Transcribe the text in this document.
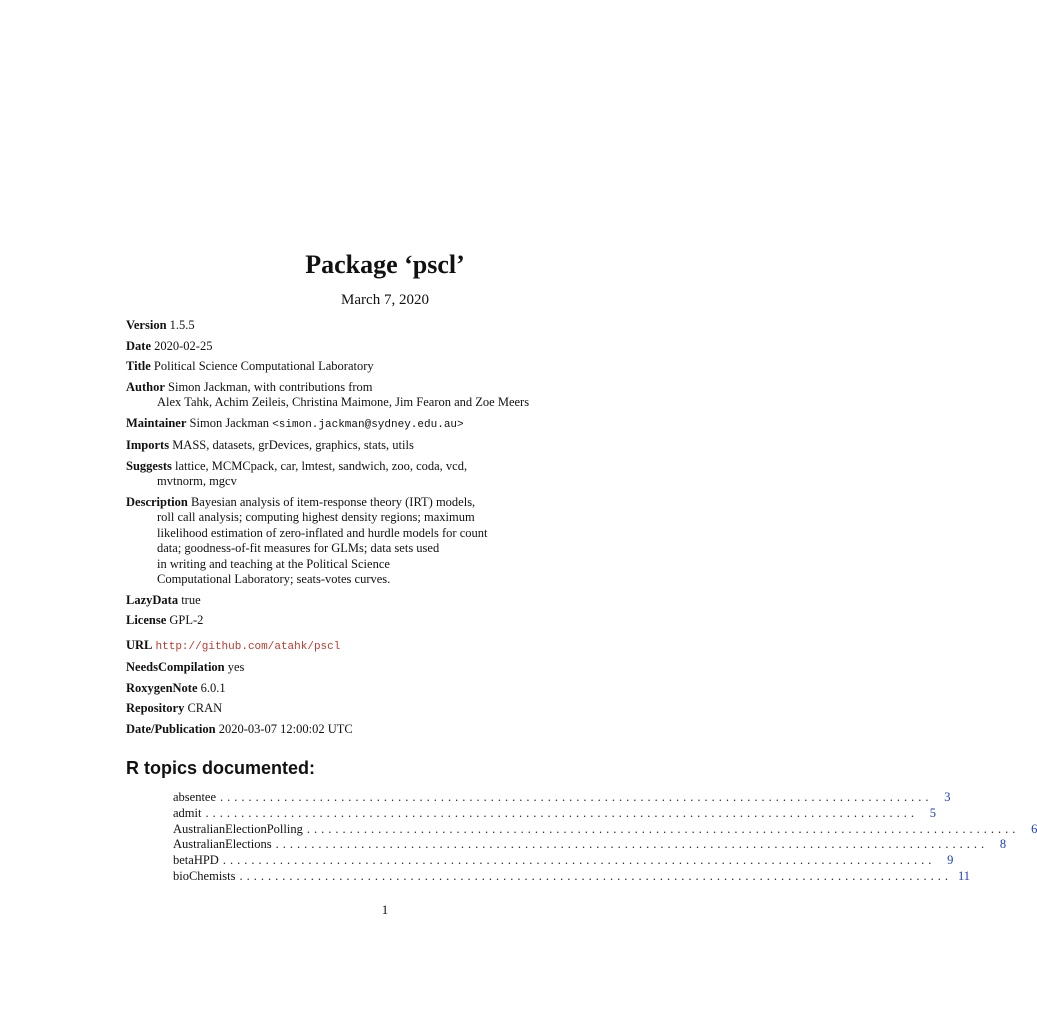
Package ‘pscl’
March 7, 2020
Version 1.5.5
Date 2020-02-25
Title Political Science Computational Laboratory
Author Simon Jackman, with contributions from
Alex Tahk, Achim Zeileis, Christina Maimone, Jim Fearon and Zoe Meers
Maintainer Simon Jackman <simon.jackman@sydney.edu.au>
Imports MASS, datasets, grDevices, graphics, stats, utils
Suggests lattice, MCMCpack, car, lmtest, sandwich, zoo, coda, vcd,
mvtnorm, mgcv
Description Bayesian analysis of item-response theory (IRT) models,
roll call analysis; computing highest density regions; maximum
likelihood estimation of zero-inflated and hurdle models for count
data; goodness-of-fit measures for GLMs; data sets used
in writing and teaching at the Political Science
Computational Laboratory; seats-votes curves.
LazyData true
License GPL-2
URL http://github.com/atahk/pscl
NeedsCompilation yes
RoxygenNote 6.0.1
Repository CRAN
Date/Publication 2020-03-07 12:00:02 UTC
R topics documented:
absentee .................................................................................................... 3
admit .................................................................................................... 5
AustralianElectionPolling .................................................................................................... 6
AustralianElections .................................................................................................... 8
betaHPD .................................................................................................... 9
bioChemists .................................................................................................... 11
1
